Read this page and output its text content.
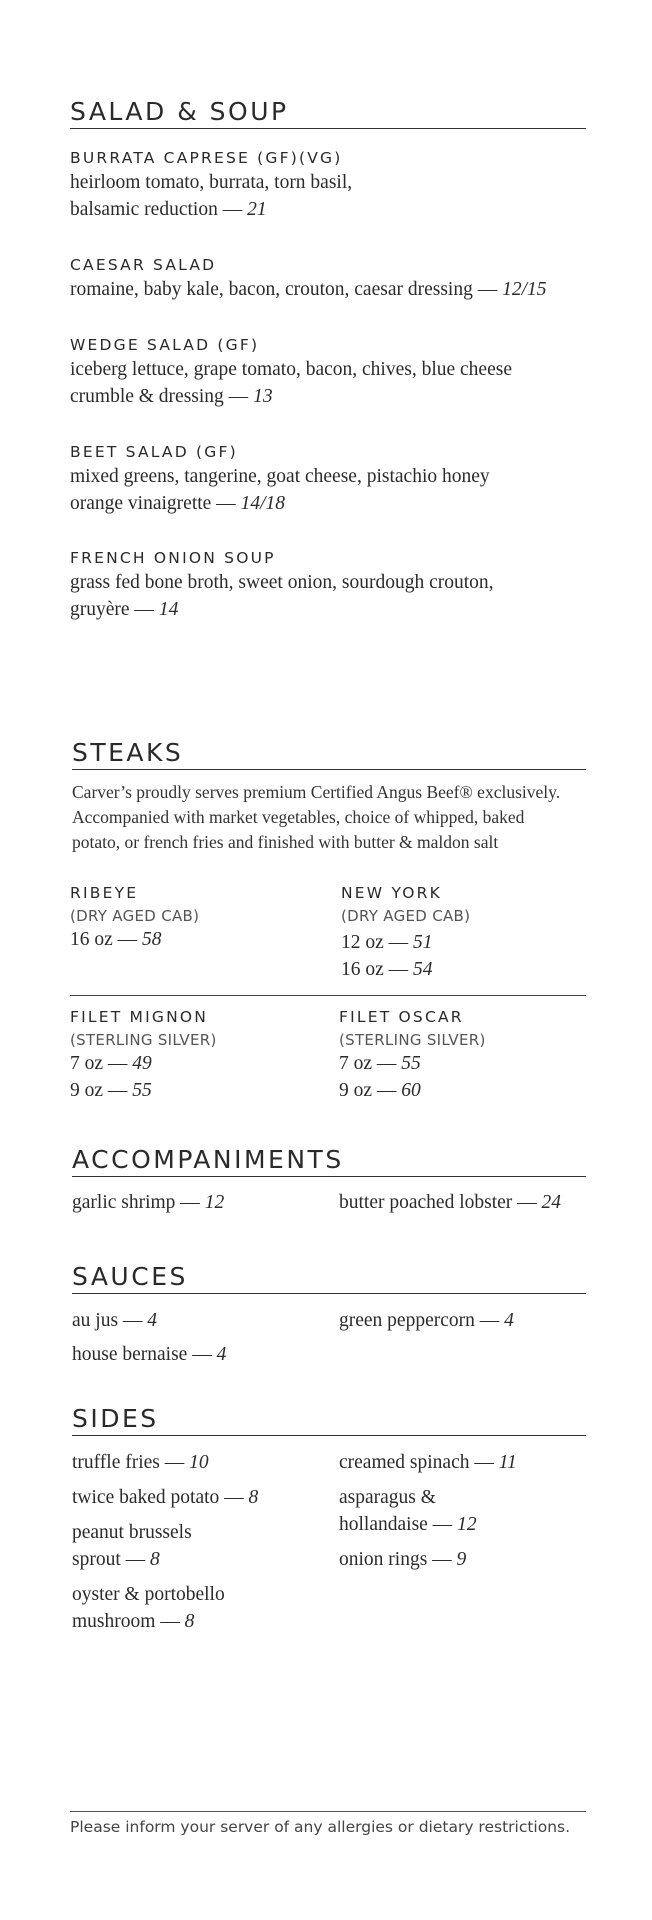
SALAD & SOUP
BURRATA CAPRESE (GF)(VG)
heirloom tomato, burrata, torn basil,
balsamic reduction — 21
CAESAR SALAD
romaine, baby kale, bacon, crouton, caesar dressing — 12/15
WEDGE SALAD (GF)
iceberg lettuce, grape tomato, bacon, chives, blue cheese
crumble & dressing — 13
BEET SALAD (GF)
mixed greens, tangerine, goat cheese, pistachio honey
orange vinaigrette — 14/18
FRENCH ONION SOUP
grass fed bone broth, sweet onion, sourdough crouton,
gruyère — 14
STEAKS
Carver’s proudly serves premium Certified Angus Beef® exclusively.
Accompanied with market vegetables, choice of whipped, baked
potato, or french fries and finished with butter & maldon salt
RIBEYE
(DRY AGED CAB)
16 oz — 58
NEW YORK
(DRY AGED CAB)
12 oz — 51
16 oz — 54
FILET MIGNON
(STERLING SILVER)
7 oz — 49
9 oz — 55
FILET OSCAR
(STERLING SILVER)
7 oz — 55
9 oz — 60
ACCOMPANIMENTS
garlic shrimp — 12	butter poached lobster — 24
SAUCES
au jus — 4	green peppercorn — 4
house bernaise — 4
SIDES
truffle fries — 10	creamed spinach — 11
twice baked potato — 8	asparagus &
hollandaise — 12
peanut brussels
sprout — 8	onion rings — 9
oyster & portobello
mushroom — 8
Please inform your server of any allergies or dietary restrictions.
